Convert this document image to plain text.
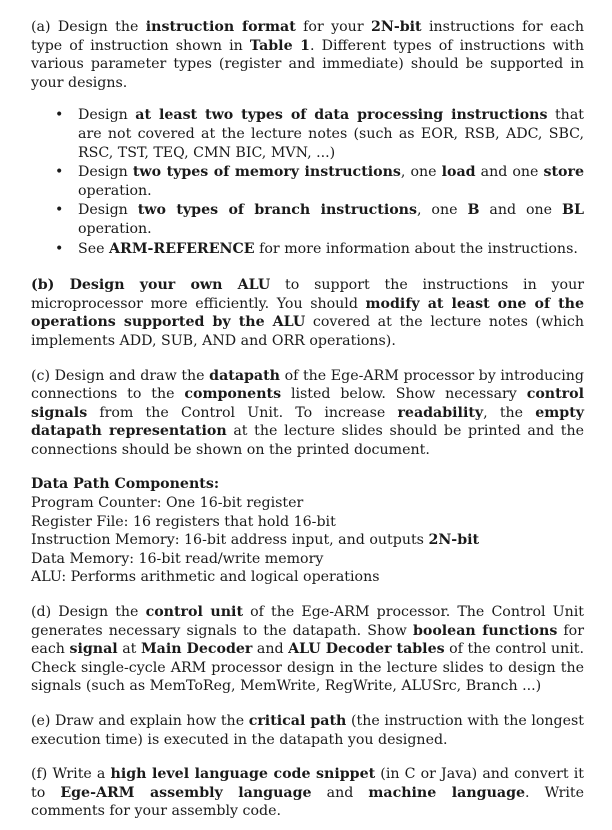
(a) Design the instruction format for your 2N-bit instructions for each type of instruction shown in Table 1. Different types of instructions with various parameter types (register and immediate) should be supported in your designs.

• Design at least two types of data processing instructions that are not covered at the lecture notes (such as EOR, RSB, ADC, SBC, RSC, TST, TEQ, CMN BIC, MVN, ...)
• Design two types of memory instructions, one load and one store operation.
• Design two types of branch instructions, one B and one BL operation.
• See ARM-REFERENCE for more information about the instructions.

(b) Design your own ALU to support the instructions in your microprocessor more efficiently. You should modify at least one of the operations supported by the ALU covered at the lecture notes (which implements ADD, SUB, AND and ORR operations).

(c) Design and draw the datapath of the Ege-ARM processor by introducing connections to the components listed below. Show necessary control signals from the Control Unit. To increase readability, the empty datapath representation at the lecture slides should be printed and the connections should be shown on the printed document.

Data Path Components:
Program Counter: One 16-bit register
Register File: 16 registers that hold 16-bit
Instruction Memory: 16-bit address input, and outputs 2N-bit
Data Memory: 16-bit read/write memory
ALU: Performs arithmetic and logical operations

(d) Design the control unit of the Ege-ARM processor. The Control Unit generates necessary signals to the datapath. Show boolean functions for each signal at Main Decoder and ALU Decoder tables of the control unit. Check single-cycle ARM processor design in the lecture slides to design the signals (such as MemToReg, MemWrite, RegWrite, ALUSrc, Branch ...)

(e) Draw and explain how the critical path (the instruction with the longest execution time) is executed in the datapath you designed.

(f) Write a high level language code snippet (in C or Java) and convert it to Ege-ARM assembly language and machine language. Write comments for your assembly code.
